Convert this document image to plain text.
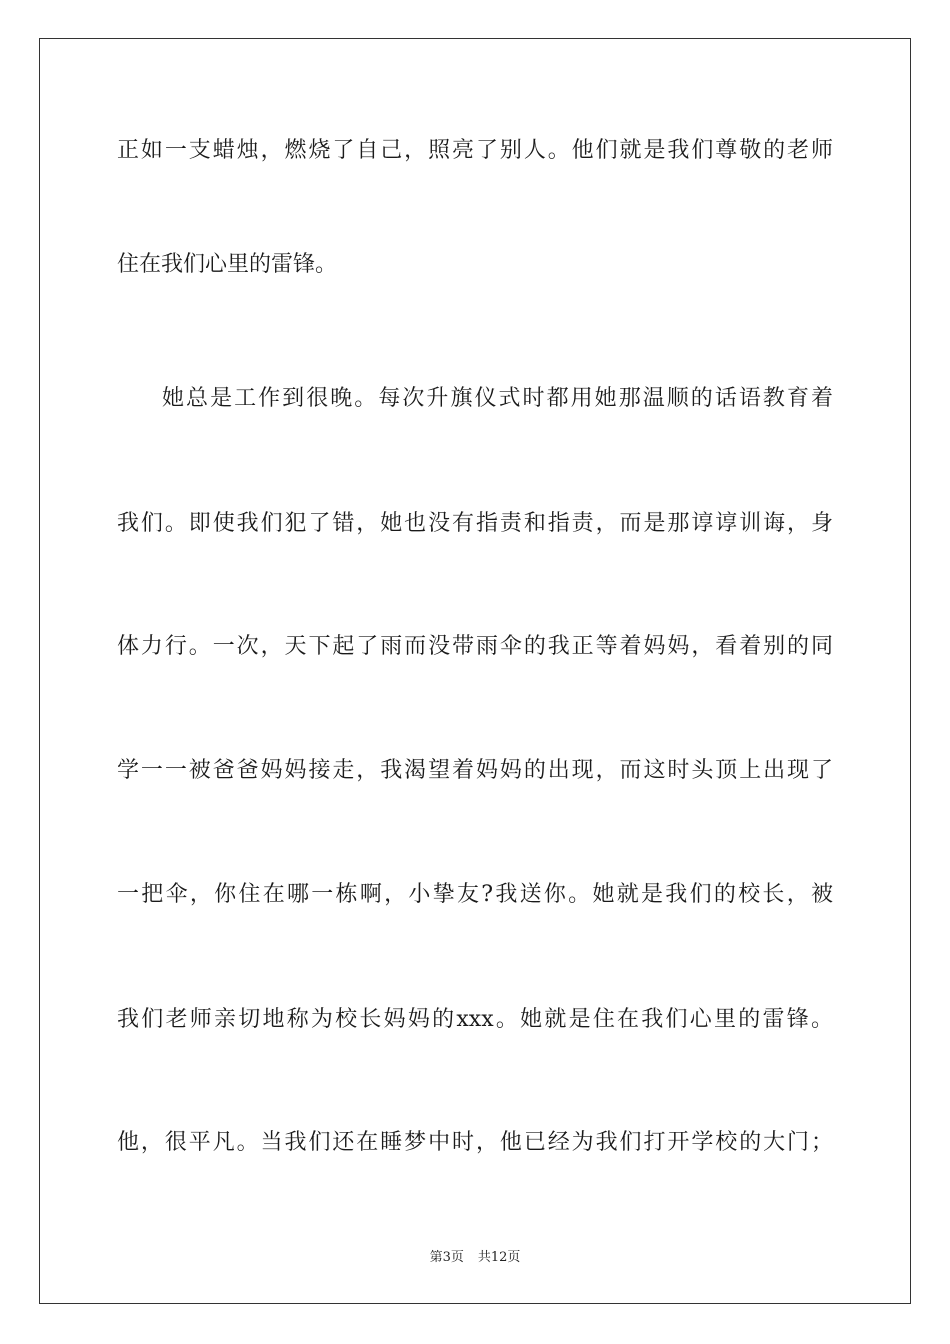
正如一支蜡烛，燃烧了自己，照亮了别人。他们就是我们尊敬的老师
住在我们心里的雷锋。
她总是工作到很晚。每次升旗仪式时都用她那温顺的话语教育着
我们。即使我们犯了错，她也没有指责和指责，而是那谆谆训诲，身
体力行。一次，天下起了雨而没带雨伞的我正等着妈妈，看着别的同
学一一被爸爸妈妈接走，我渴望着妈妈的出现，而这时头顶上出现了
一把伞，你住在哪一栋啊，小挚友?我送你。她就是我们的校长，被
我们老师亲切地称为校长妈妈的xxx。她就是住在我们心里的雷锋。
他，很平凡。当我们还在睡梦中时，他已经为我们打开学校的大门；
第3页 共12页
